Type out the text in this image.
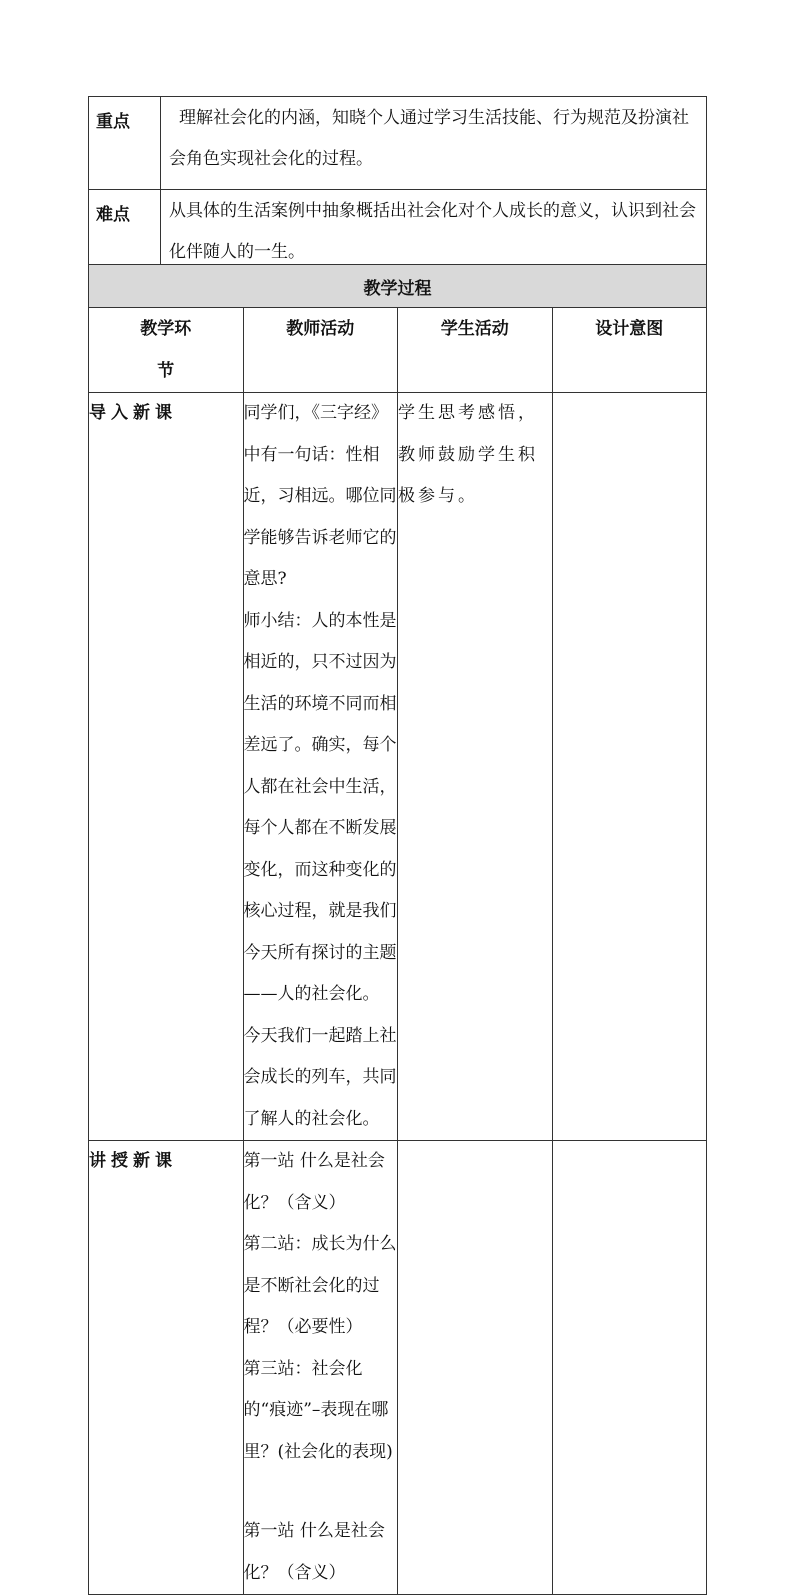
重点	理解社会化的内涵，知晓个人通过学习生活技能、行为规范及扮演社会角色实现社会化的过程。
难点	从具体的生活案例中抽象概括出社会化对个人成长的意义，认识到社会化伴随人的一生。
教学过程			

教学环节	教师活动	学生活动	设计意图
导入新课	同学们，《三字经》中有一句话：性相近，习相远。哪位同学能够告诉老师它的意思?

师小结：人的本性是相近的，只不过因为生活的环境不同而相差远了。确实，每个人都在社会中生活，每个人都在不断发展变化，而这种变化的核心过程，就是我们今天所有探讨的主题——人的社会化。

今天我们一起踏上社会成长的列车，共同了解人的社会化。	学生思考感悟，教师鼓励学生积极参与。	
讲授新课	第一站 什么是社会化？（含义）

第二站：成长为什么是不断社会化的过程？（必要性）

第三站：社会化的“痕迹”–表现在哪里？(社会化的表现)

第一站 什么是社会化？（含义）		
